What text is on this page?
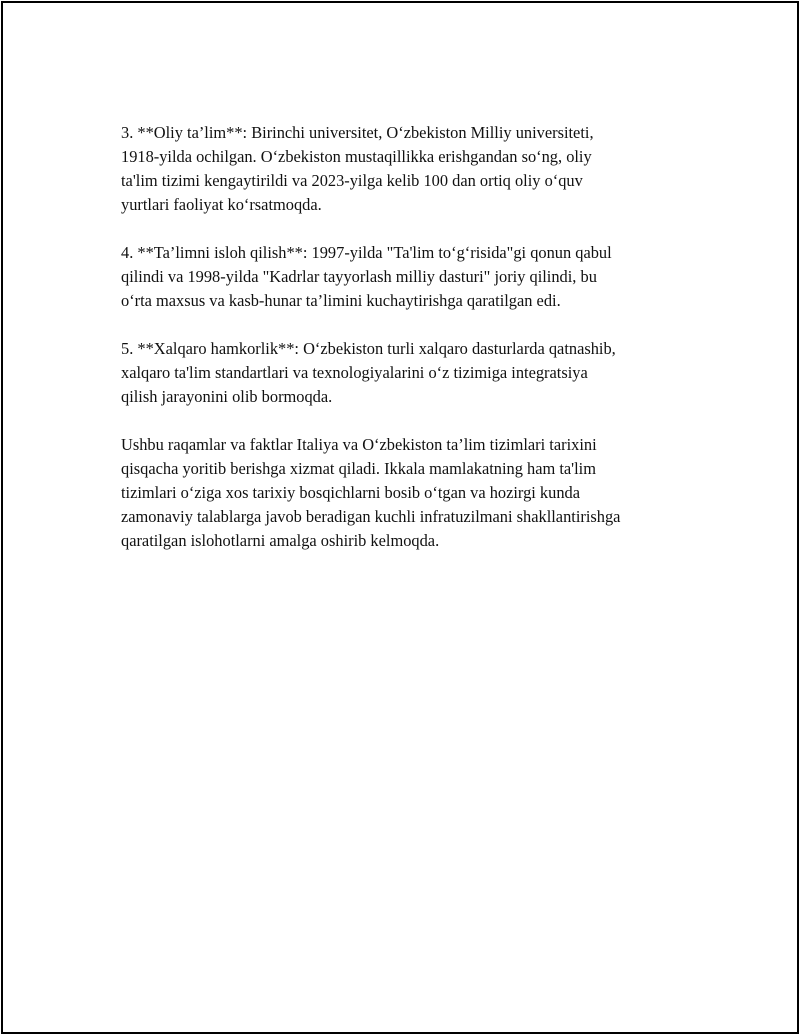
3. **Oliy ta’lim**: Birinchi universitet, O‘zbekiston Milliy universiteti,
1918-yilda ochilgan. O‘zbekiston mustaqillikka erishgandan so‘ng, oliy
ta'lim tizimi kengaytirildi va 2023-yilga kelib 100 dan ortiq oliy o‘quv
yurtlari faoliyat ko‘rsatmoqda.

4. **Ta’limni isloh qilish**: 1997-yilda "Ta'lim to‘g‘risida"gi qonun qabul
qilindi va 1998-yilda "Kadrlar tayyorlash milliy dasturi" joriy qilindi, bu
o‘rta maxsus va kasb-hunar ta’limini kuchaytirishga qaratilgan edi.

5. **Xalqaro hamkorlik**: O‘zbekiston turli xalqaro dasturlarda qatnashib,
xalqaro ta'lim standartlari va texnologiyalarini o‘z tizimiga integratsiya
qilish jarayonini olib bormoqda.

Ushbu raqamlar va faktlar Italiya va O‘zbekiston ta’lim tizimlari tarixini
qisqacha yoritib berishga xizmat qiladi. Ikkala mamlakatning ham ta'lim
tizimlari o‘ziga xos tarixiy bosqichlarni bosib o‘tgan va hozirgi kunda
zamonaviy talablarga javob beradigan kuchli infratuzilmani shakllantirishga
qaratilgan islohotlarni amalga oshirib kelmoqda.
